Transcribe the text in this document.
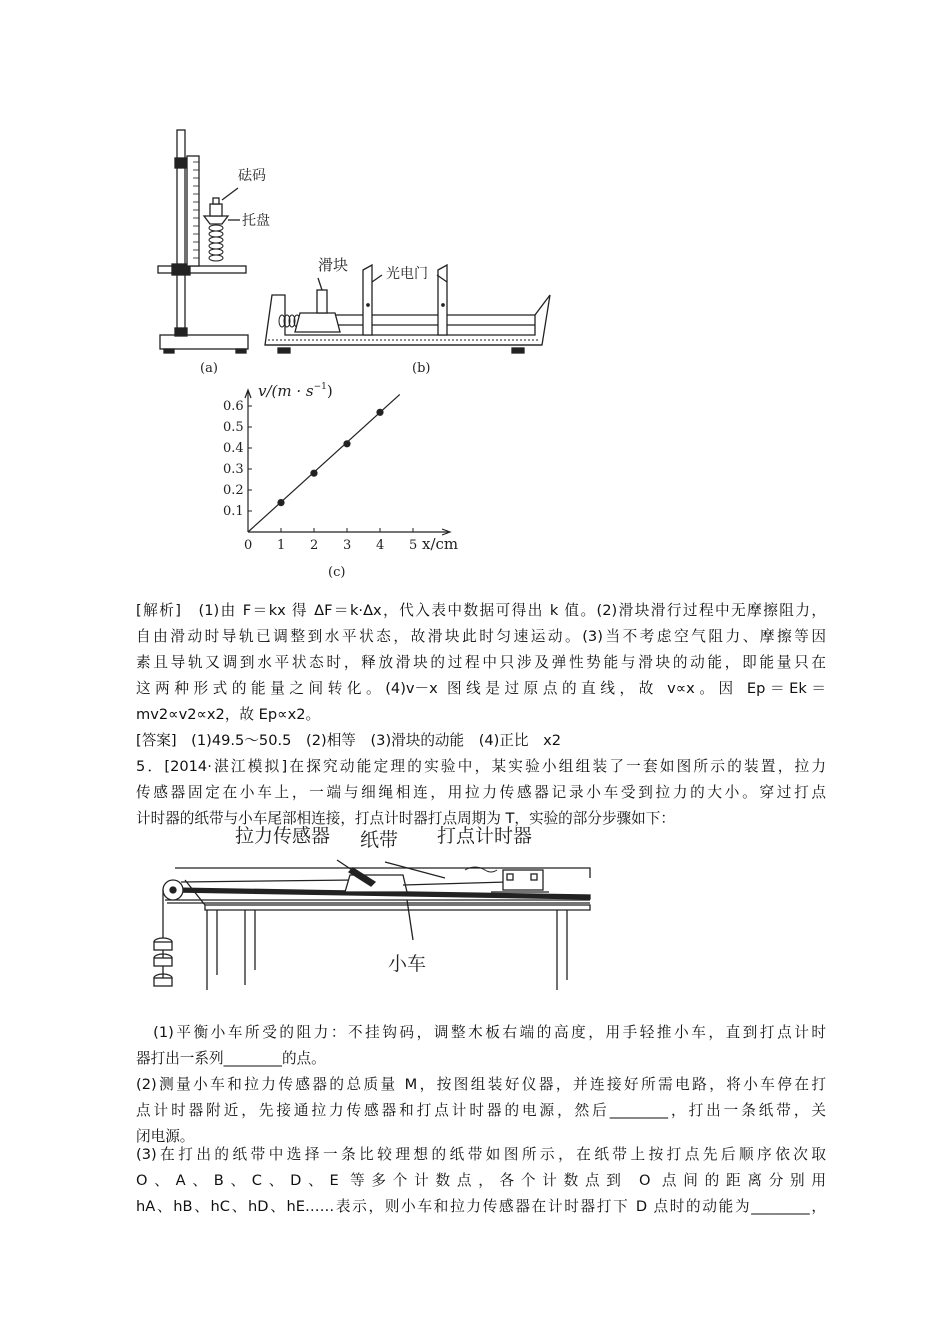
砝码
托盘
(a)
滑块	光电门
(b)
$v/(m \cdot s^{-1})$
0	x/cm
(c)
1 2 3 4 5
0.1
0.2
0.3
0.4
0.5
0.6
[解析]　(1)由 F＝kx 得 ΔF＝k·Δx，代入表中数据可得出 k 值。(2)滑块滑行过程中无摩擦阻力，
自由滑动时导轨已调整到水平状态，故滑块此时匀速运动。(3)当不考虑空气阻力、摩擦等因
素且导轨又调到水平状态时，释放滑块的过程中只涉及弹性势能与滑块的动能，即能量只在
这两种形式的能量之间转化。(4)v－x 图线是过原点的直线，故 v∝x。因 Ep＝Ek＝
mv2∝v2∝x2，故 Ep∝x2。
[答案]　(1)49.5～50.5　(2)相等　(3)滑块的动能　(4)正比　x2
5．[2014·湛江模拟]在探究动能定理的实验中，某实验小组组装了一套如图所示的装置，拉力
传感器固定在小车上，一端与细绳相连，用拉力传感器记录小车受到拉力的大小。穿过打点
计时器的纸带与小车尾部相连接，打点计时器打点周期为 T，实验的部分步骤如下：
拉力传感器 纸带 打点计时器
小车
　(1)平衡小车所受的阻力：不挂钩码，调整木板右端的高度，用手轻推小车，直到打点计时
器打出一系列________的点。
(2)测量小车和拉力传感器的总质量 M，按图组装好仪器，并连接好所需电路，将小车停在打
点计时器附近，先接通拉力传感器和打点计时器的电源，然后________，打出一条纸带，关
闭电源。
(3)在打出的纸带中选择一条比较理想的纸带如图所示，在纸带上按打点先后顺序依次取
O、A、B、C、D、E 等多个计数点，各个计数点到 O 点间的距离分别用
hA、hB、hC、hD、hE……表示，则小车和拉力传感器在计时器打下 D 点时的动能为________，
